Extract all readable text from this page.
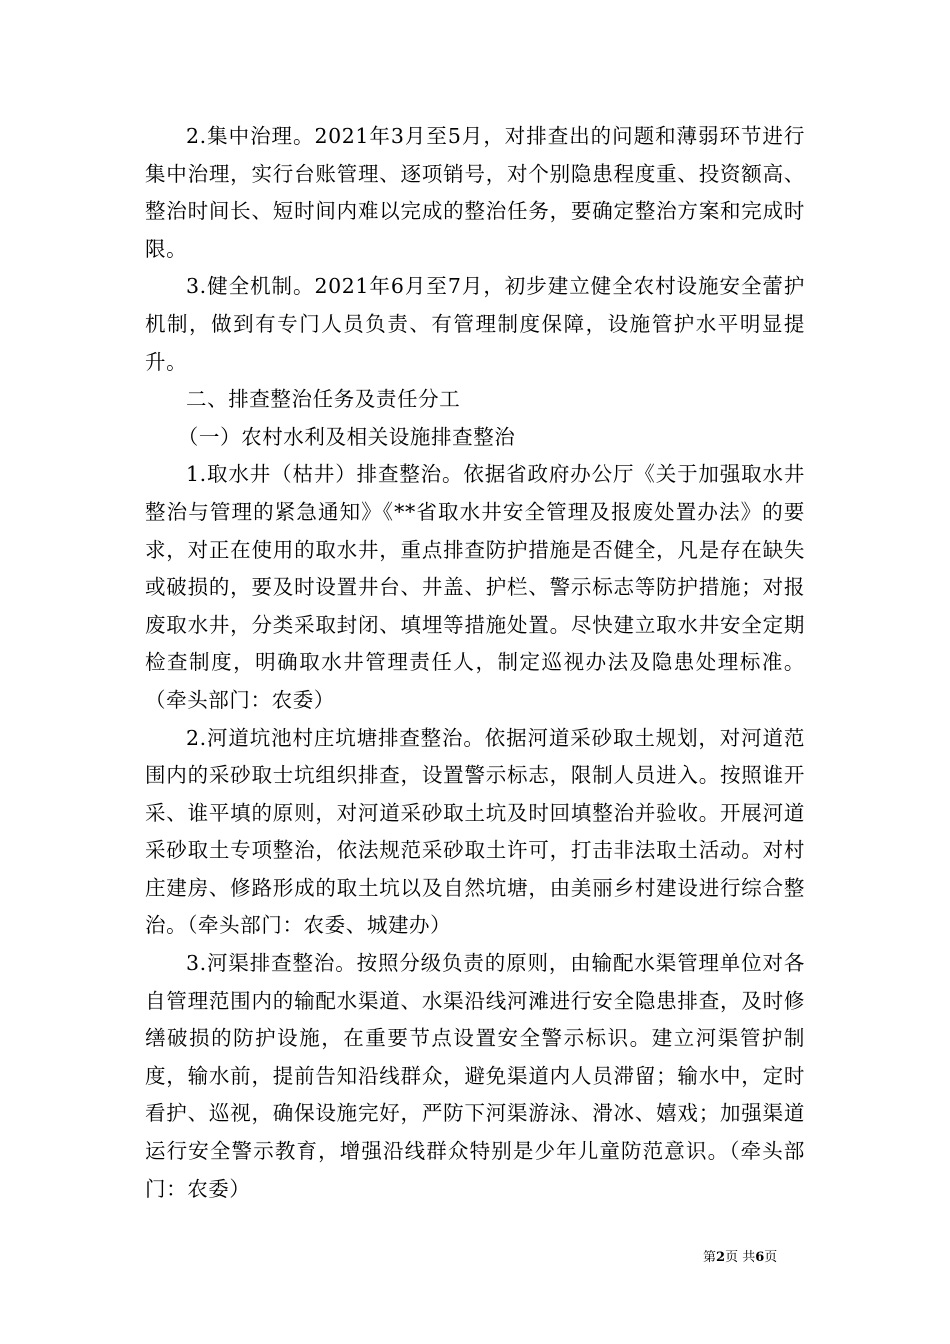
2.集中治理。2021年3月至5月，对排查出的问题和薄弱环节进行集中治理，实行台账管理、逐项销号，对个别隐患程度重、投资额高、整治时间长、短时间内难以完成的整治任务，要确定整治方案和完成时限。

3.健全机制。2021年6月至7月，初步建立健全农村设施安全蕾护机制，做到有专门人员负责、有管理制度保障，设施管护水平明显提升。

二、排查整治任务及责任分工

（一）农村水利及相关设施排查整治

1.取水井（枯井）排查整治。依据省政府办公厅《关于加强取水井整治与管理的紧急通知》《**省取水井安全管理及报废处置办法》的要求，对正在使用的取水井，重点排查防护措施是否健全，凡是存在缺失或破损的，要及时设置井台、井盖、护栏、警示标志等防护措施；对报废取水井，分类采取封闭、填埋等措施处置。尽快建立取水井安全定期检查制度，明确取水井管理责任人，制定巡视办法及隐患处理标准。（牵头部门：农委）

2.河道坑池村庄坑塘排查整治。依据河道采砂取土规划，对河道范围内的采砂取士坑组织排查，设置警示标志，限制人员进入。按照谁开采、谁平填的原则，对河道采砂取土坑及时回填整治并验收。开展河道采砂取土专项整治，依法规范采砂取土许可，打击非法取土活动。对村庄建房、修路形成的取土坑以及自然坑塘，由美丽乡村建设进行综合整治。（牵头部门：农委、城建办）

3.河渠排查整治。按照分级负责的原则，由输配水渠管理单位对各自管理范围内的输配水渠道、水渠沿线河滩进行安全隐患排查，及时修缮破损的防护设施，在重要节点设置安全警示标识。建立河渠管护制度，输水前，提前告知沿线群众，避免渠道内人员滞留；输水中，定时看护、巡视，确保设施完好，严防下河渠游泳、滑冰、嬉戏；加强渠道运行安全警示教育，增强沿线群众特别是少年儿童防范意识。（牵头部门：农委）

第2页 共6页
